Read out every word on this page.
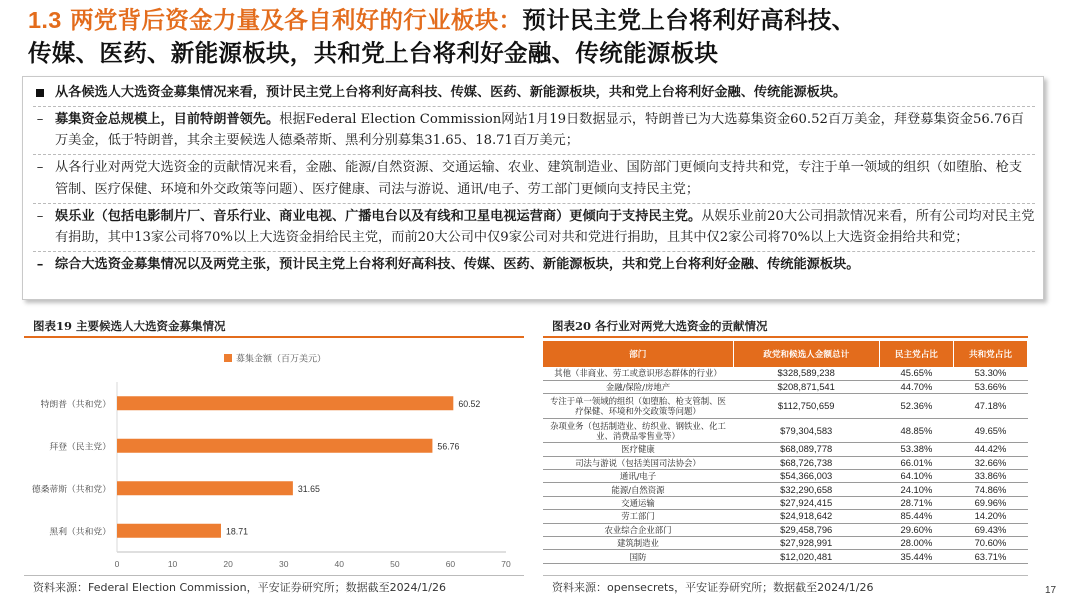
1.3 两党背后资金力量及各自利好的行业板块：预计民主党上台将利好高科技、
传媒、医药、新能源板块，共和党上台将利好金融、传统能源板块
从各候选人大选资金募集情况来看，预计民主党上台将利好高科技、传媒、医药、新能源板块，共和党上台将利好金融、传统能源板块。
– 募集资金总规模上，目前特朗普领先。根据Federal Election Commission网站1月19日数据显示，特朗普已为大选募集资金60.52百万美金，拜登募集资金56.76百万美金，低于特朗普，其余主要候选人德桑蒂斯、黑利分别募集31.65、18.71百万美元；
– 从各行业对两党大选资金的贡献情况来看，金融、能源/自然资源、交通运输、农业、建筑制造业、国防部门更倾向支持共和党，专注于单一领域的组织（如堕胎、枪支管制、医疗保健、环境和外交政策等问题）、医疗健康、司法与游说、通讯/电子、劳工部门更倾向支持民主党；
– 娱乐业（包括电影制片厂、音乐行业、商业电视、广播电台以及有线和卫星电视运营商）更倾向于支持民主党。从娱乐业前20大公司捐款情况来看，所有公司均对民主党有捐助，其中13家公司将70%以上大选资金捐给民主党，而前20大公司中仅9家公司对共和党进行捐助，且其中仅2家公司将70%以上大选资金捐给共和党；
– 综合大选资金募集情况以及两党主张，预计民主党上台将利好高科技、传媒、医药、新能源板块，共和党上台将利好金融、传统能源板块。
图表19 主要候选人大选资金募集情况
募集金额（百万美元）
0	10	20	30	40	50	60	70
特朗普（共和党）	60.52
拜登（民主党）	56.76
德桑蒂斯（共和党）	31.65
黑利（共和党）	18.71
资料来源：Federal Election Commission，平安证券研究所；数据截至2024/1/26
图表20 各行业对两党大选资金的贡献情况
部门	政党和候选人金额总计	民主党占比	共和党占比
其他（非商业、劳工或意识形态群体的行业）	$328,589,238	45.65%	53.30%
金融/保险/房地产	$208,871,541	44.70%	53.66%
专注于单一领域的组织（如堕胎、枪支管制、医疗保健、环境和外交政策等问题）	$112,750,659	52.36%	47.18%
杂项业务（包括制造业、纺织业、钢铁业、化工业、消费品零售业等）	$79,304,583	48.85%	49.65%
医疗健康	$68,089,778	53.38%	44.42%
司法与游说（包括美国司法协会）	$68,726,738	66.01%	32.66%
通讯/电子	$54,366,003	64.10%	33.86%
能源/自然资源	$32,290,658	24.10%	74.86%
交通运输	$27,924,415	28.71%	69.96%
劳工部门	$24,918,642	85.44%	14.20%
农业综合企业部门	$29,458,796	29.60%	69.43%
建筑制造业	$27,928,991	28.00%	70.60%
国防	$12,020,481	35.44%	63.71%
资料来源：opensecrets，平安证券研究所；数据截至2024/1/26	17
